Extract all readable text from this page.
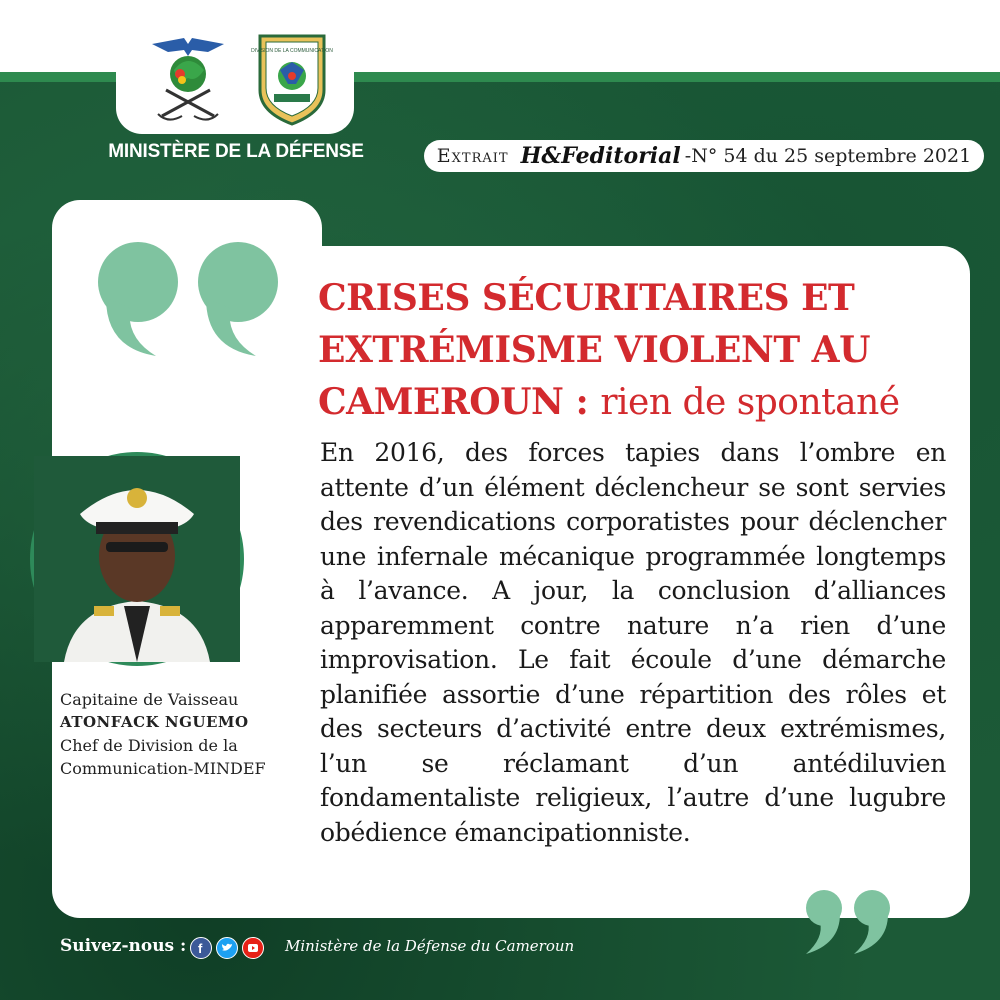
DIVISION DE LA COMMUNICATION
MINISTÈRE DE LA DÉFENSE	Extrait H&Feditorial -N° 54 du 25 septembre 2021
CRISES SÉCURITAIRES ET EXTRÉMISME VIOLENT AU CAMEROUN : rien de spontané
En 2016, des forces tapies dans l’ombre en attente d’un élément déclencheur se sont servies des revendications corporatistes pour déclencher une infernale mécanique programmée longtemps à l’avance. A jour, la conclusion d’alliances apparemment contre nature n’a rien d’une improvisation. Le fait écoule d’une démarche planifiée assortie d’une répartition des rôles et des secteurs d’activité entre deux extrémismes, l’un se réclamant d’un antédiluvien fondamentaliste religieux, l’autre d’une lugubre obédience émancipationniste.
Capitaine de Vaisseau
ATONFACK NGUEMO
Chef de Division de la
Communication-MINDEF
Suivez-nous : f	Ministère de la Défense du Cameroun
